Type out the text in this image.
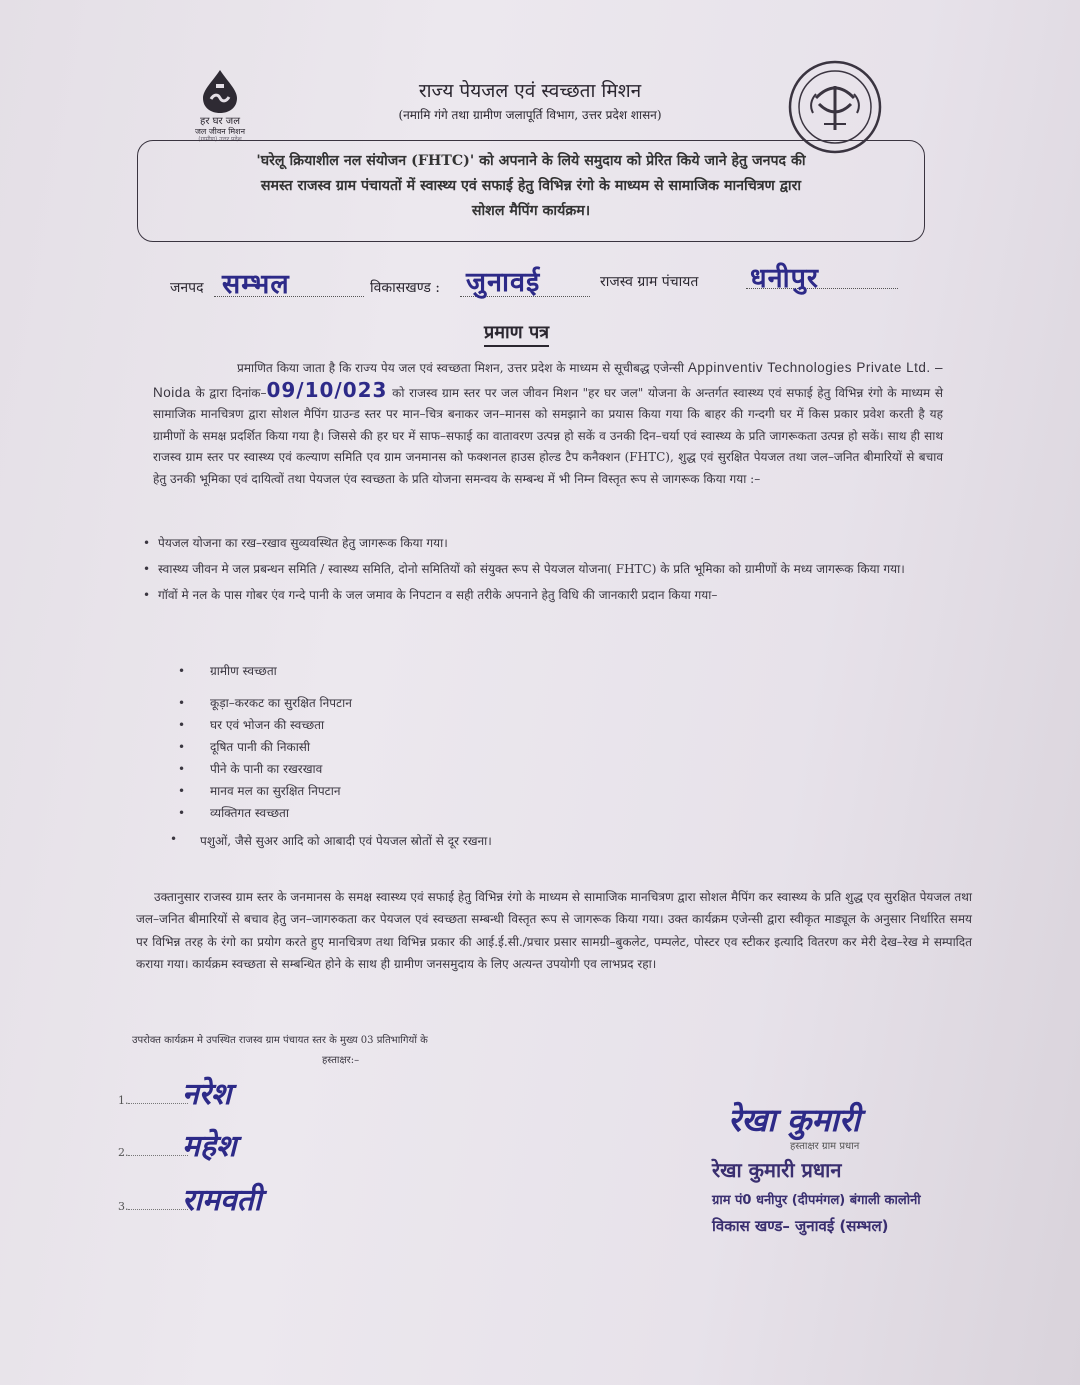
हर घर जल
जल जीवन मिशन
(ग्रामीण) उत्तर प्रदेश
राज्य पेयजल एवं स्वच्छता मिशन
(नमामि गंगे तथा ग्रामीण जलापूर्ति विभाग, उत्तर प्रदेश शासन)
'घरेलू क्रियाशील नल संयोजन (FHTC)' को अपनाने के लिये समुदाय को प्रेरित किये जाने हेतु जनपद की
समस्त राजस्व ग्राम पंचायतों में स्वास्थ्य एवं सफाई हेतु विभिन्न रंगो के माध्यम से सामाजिक मानचित्रण द्वारा
सोशल मैपिंग कार्यक्रम।
जनपद सम्भल	विकासखण्ड : जुनावई	राजस्व ग्राम पंचायत धनीपुर
प्रमाण पत्र
प्रमाणित किया जाता है कि राज्य पेय जल एवं स्वच्छता मिशन, उत्तर प्रदेश के माध्यम से सूचीबद्ध एजेन्सी Appinventiv Technologies Private Ltd. – Noida के द्वारा दिनांक–09/10/023 को राजस्व ग्राम स्तर पर जल जीवन मिशन "हर घर जल" योजना के अन्तर्गत स्वास्थ्य एवं सफाई हेतु विभिन्न रंगो के माध्यम से सामाजिक मानचित्रण द्वारा सोशल मैपिंग ग्राउन्ड स्तर पर मान–चित्र बनाकर जन–मानस को समझाने का प्रयास किया गया कि बाहर की गन्दगी घर में किस प्रकार प्रवेश करती है यह ग्रामीणों के समक्ष प्रदर्शित किया गया है। जिससे की हर घर में साफ–सफाई का वातावरण उत्पन्न हो सकें व उनकी दिन–चर्या एवं स्वास्थ्य के प्रति जागरूकता उत्पन्न हो सकें। साथ ही साथ राजस्व ग्राम स्तर पर स्वास्थ्य एवं कल्याण समिति एव ग्राम जनमानस को फक्शनल हाउस होल्ड टैप कनैक्शन (FHTC), शुद्ध एवं सुरक्षित पेयजल तथा जल–जनित बीमारियों से बचाव हेतु उनकी भूमिका एवं दायित्वों तथा पेयजल एंव स्वच्छता के प्रति योजना समन्वय के सम्बन्ध में भी निम्न विस्तृत रूप से जागरूक किया गया :–
• पेयजल योजना का रख–रखाव सुव्यवस्थित हेतु जागरूक किया गया।
• स्वास्थ्य जीवन मे जल प्रबन्धन समिति / स्वास्थ्य समिति, दोनो समितियों को संयुक्त रूप से पेयजल योजना( FHTC) के प्रति भूमिका को ग्रामीणों के मध्य जागरूक किया गया।
• गॉवों मे नल के पास गोबर एंव गन्दे पानी के जल जमाव के निपटान व सही तरीके अपनाने हेतु विधि की जानकारी प्रदान किया गया–
• ग्रामीण स्वच्छता
• कूड़ा–करकट का सुरक्षित निपटान
• घर एवं भोजन की स्वच्छता
• दूषित पानी की निकासी
• पीने के पानी का रखरखाव
• मानव मल का सुरक्षित निपटान
• व्यक्तिगत स्वच्छता
• पशुओं, जैसे सुअर आदि को आबादी एवं पेयजल स्रोतों से दूर रखना।
उक्तानुसार राजस्व ग्राम स्तर के जनमानस के समक्ष स्वास्थ्य एवं सफाई हेतु विभिन्न रंगो के माध्यम से सामाजिक मानचित्रण द्वारा सोशल मैपिंग कर स्वास्थ्य के प्रति शुद्ध एव सुरक्षित पेयजल तथा जल–जनित बीमारियों से बचाव हेतु जन–जागरुकता कर पेयजल एवं स्वच्छता सम्बन्धी विस्तृत रूप से जागरूक किया गया। उक्त कार्यक्रम एजेन्सी द्वारा स्वीकृत माड्यूल के अनुसार निर्धारित समय पर विभिन्न तरह के रंगो का प्रयोग करते हुए मानचित्रण तथा विभिन्न प्रकार की आई.ई.सी./प्रचार प्रसार सामग्री–बुकलेट, पम्पलेट, पोस्टर एव स्टीकर इत्यादि वितरण कर मेरी देख–रेख मे सम्पादित कराया गया। कार्यक्रम स्वच्छता से सम्बन्धित होने के साथ ही ग्रामीण जनसमुदाय के लिए अत्यन्त उपयोगी एव लाभप्रद रहा।
उपरोक्त कार्यक्रम मे उपस्थित राजस्व ग्राम पंचायत स्तर के मुख्य 03 प्रतिभागियों के
हस्ताक्षर:–
1. नरेश
2. महेश
3. रामवती
रेखा कुमारी
हस्ताक्षर ग्राम प्रधान
रेखा कुमारी प्रधान
ग्राम पं0 धनीपुर (दीपमंगल) बंगाली कालोनी
विकास खण्ड– जुनावई (सम्भल)
